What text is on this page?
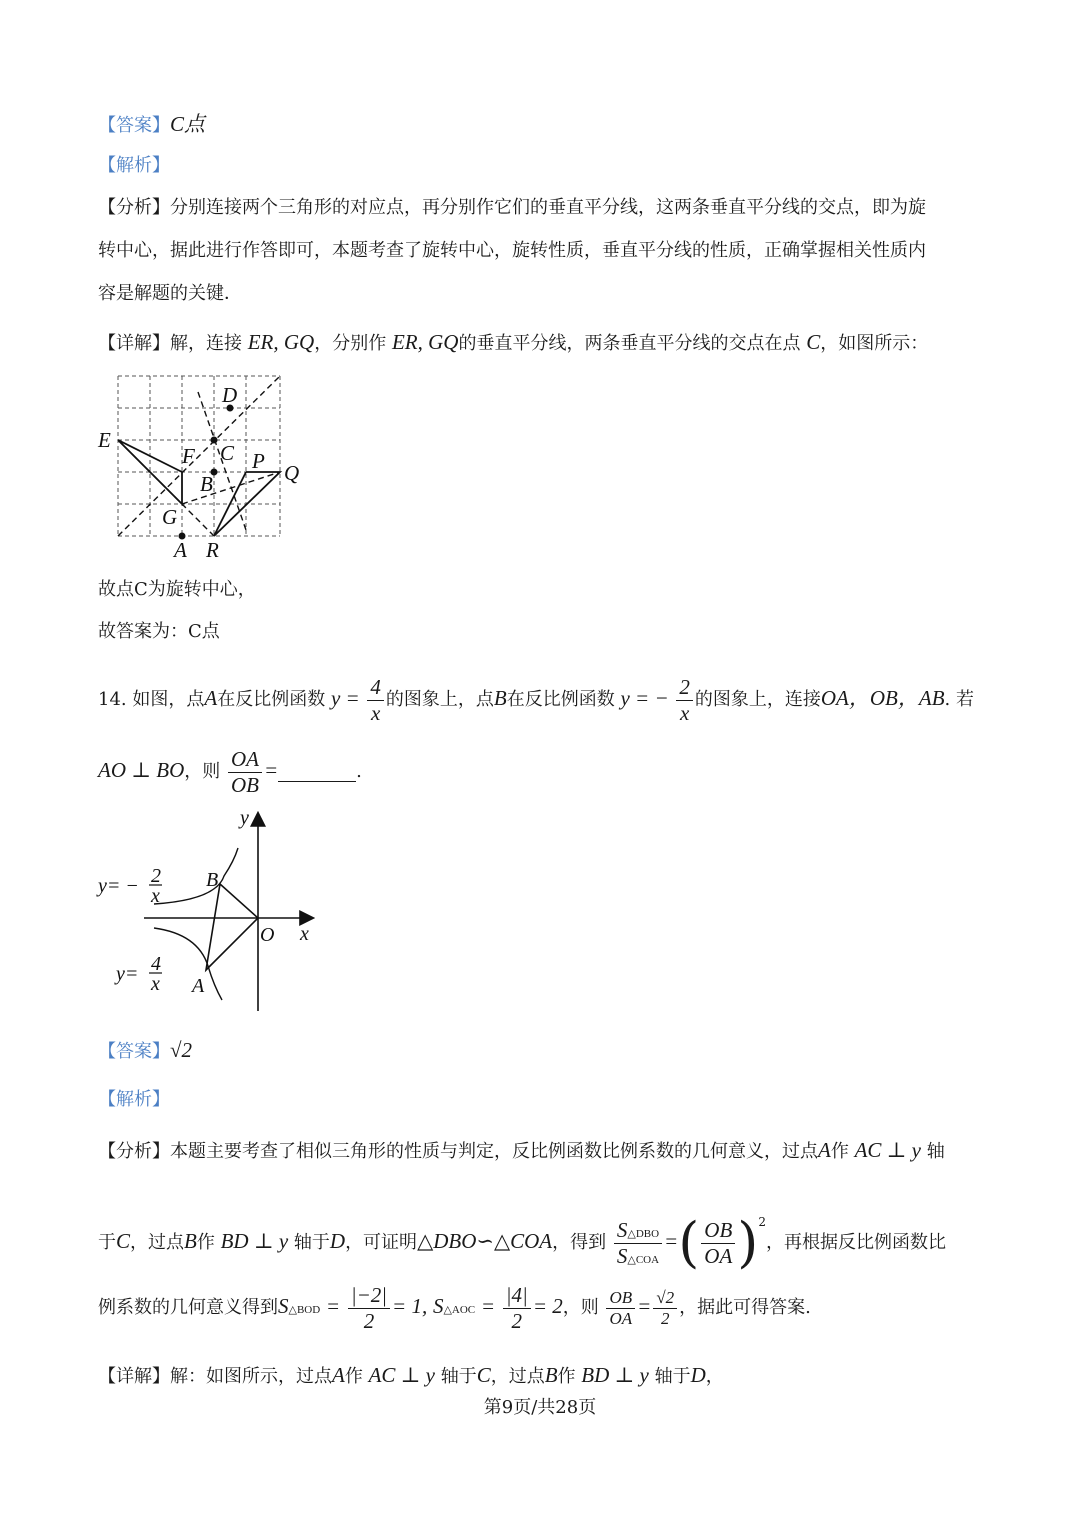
【答案】C点
【解析】
【分析】分别连接两个三角形的对应点，再分别作它们的垂直平分线，这两条垂直平分线的交点，即为旋
转中心，据此进行作答即可，本题考查了旋转中心，旋转性质，垂直平分线的性质，正确掌握相关性质内
容是解题的关键．
【详解】解，连接 ER, GQ，分别作 ER, GQ的垂直平分线，两条垂直平分线的交点在点 C，如图所示：
D
E
C
F	P Q
B
G
A R
故点C为旋转中心，
故答案为：C点
14. 如图，点A在反比例函数 $y = \frac{4}{x}$ 的图象上，点B在反比例函数 y = − $\frac{2}{x}$ 的图象上，连接OA，OB，AB. 若
AO ⊥ BO，则 $\frac{OA}{OB}$ =	.
y
x
O
B
A
y= − 2
x
y= 4
x
【答案】√2
【解析】
【分析】本题主要考查了相似三角形的性质与判定，反比例函数比例系数的几何意义，过点A作 AC ⊥ y 轴
于C，过点B作 BD ⊥ y 轴于D，可证明△DBO∽△COA，得到 $\frac{\text{S△DBO}}{\text{S△COA}}$ =( $\frac{OB}{OA} )^2$，再根据反比例函数比
例系数的几何意义得到S△BOD = $\frac{|-2|}{2} = 1$, S△AOC = $\frac{|4|}{2} = 2$，则 $\frac{OB}{OA} = \frac{√2}{2}$ ，据此可得答案.
【详解】解：如图所示，过点A作 AC ⊥ y 轴于C，过点B作 BD ⊥ y 轴于D，
第9页/共28页
